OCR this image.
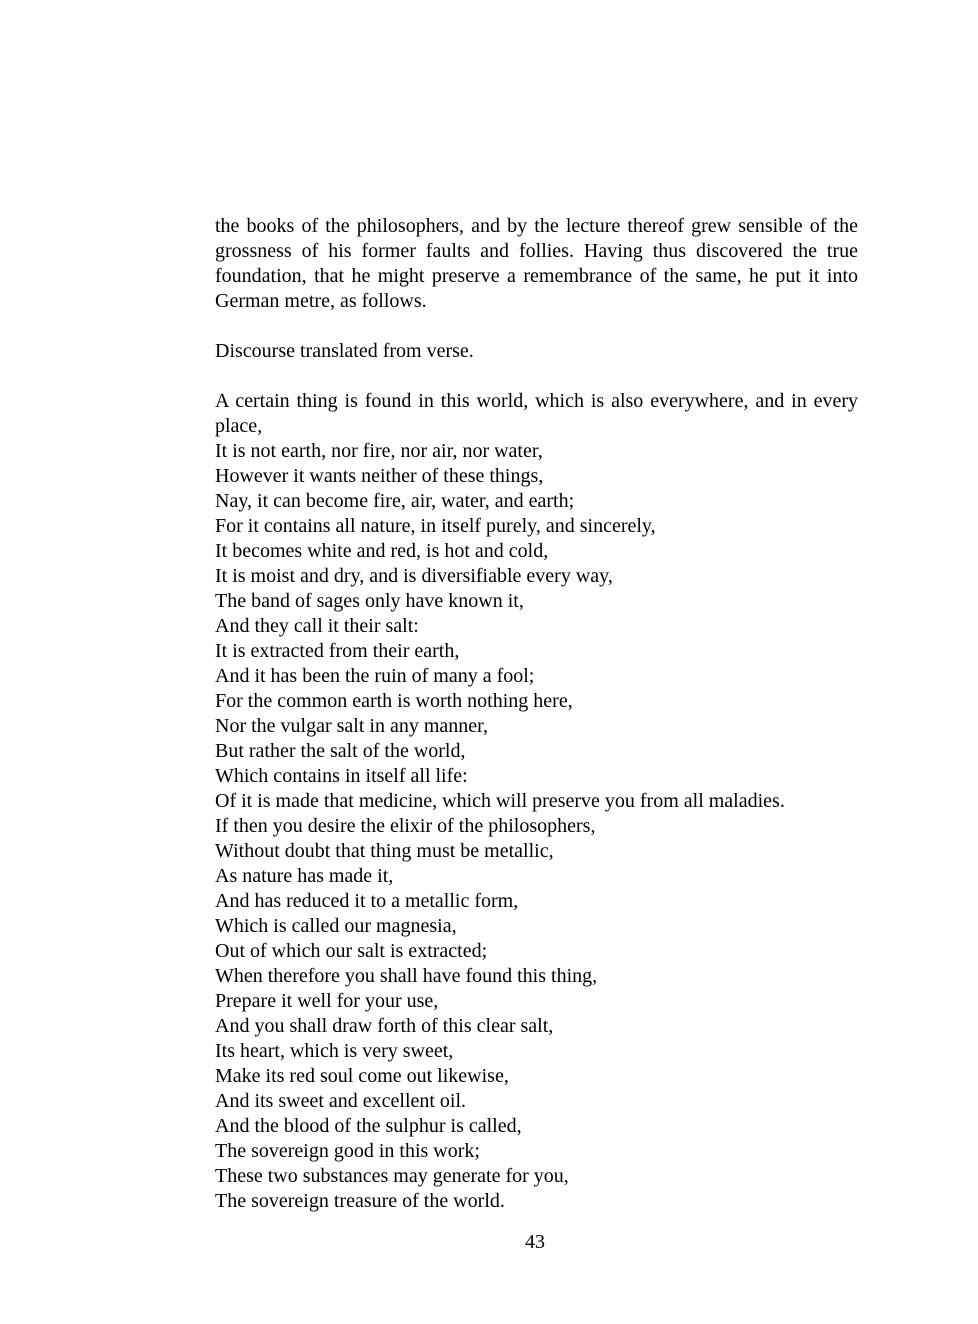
the books of the philosophers, and by the lecture thereof grew sensible of the grossness of his former faults and follies. Having thus discovered the true foundation, that he might preserve a remembrance of the same, he put it into German metre, as follows.

Discourse translated from verse.

A certain thing is found in this world, which is also everywhere, and in every place,
It is not earth, nor fire, nor air, nor water,
However it wants neither of these things,
Nay, it can become fire, air, water, and earth;
For it contains all nature, in itself purely, and sincerely,
It becomes white and red, is hot and cold,
It is moist and dry, and is diversifiable every way,
The band of sages only have known it,
And they call it their salt:
It is extracted from their earth,
And it has been the ruin of many a fool;
For the common earth is worth nothing here,
Nor the vulgar salt in any manner,
But rather the salt of the world,
Which contains in itself all life:
Of it is made that medicine, which will preserve you from all maladies.
If then you desire the elixir of the philosophers,
Without doubt that thing must be metallic,
As nature has made it,
And has reduced it to a metallic form,
Which is called our magnesia,
Out of which our salt is extracted;
When therefore you shall have found this thing,
Prepare it well for your use,
And you shall draw forth of this clear salt,
Its heart, which is very sweet,
Make its red soul come out likewise,
And its sweet and excellent oil.
And the blood of the sulphur is called,
The sovereign good in this work;
These two substances may generate for you,
The sovereign treasure of the world.
43
